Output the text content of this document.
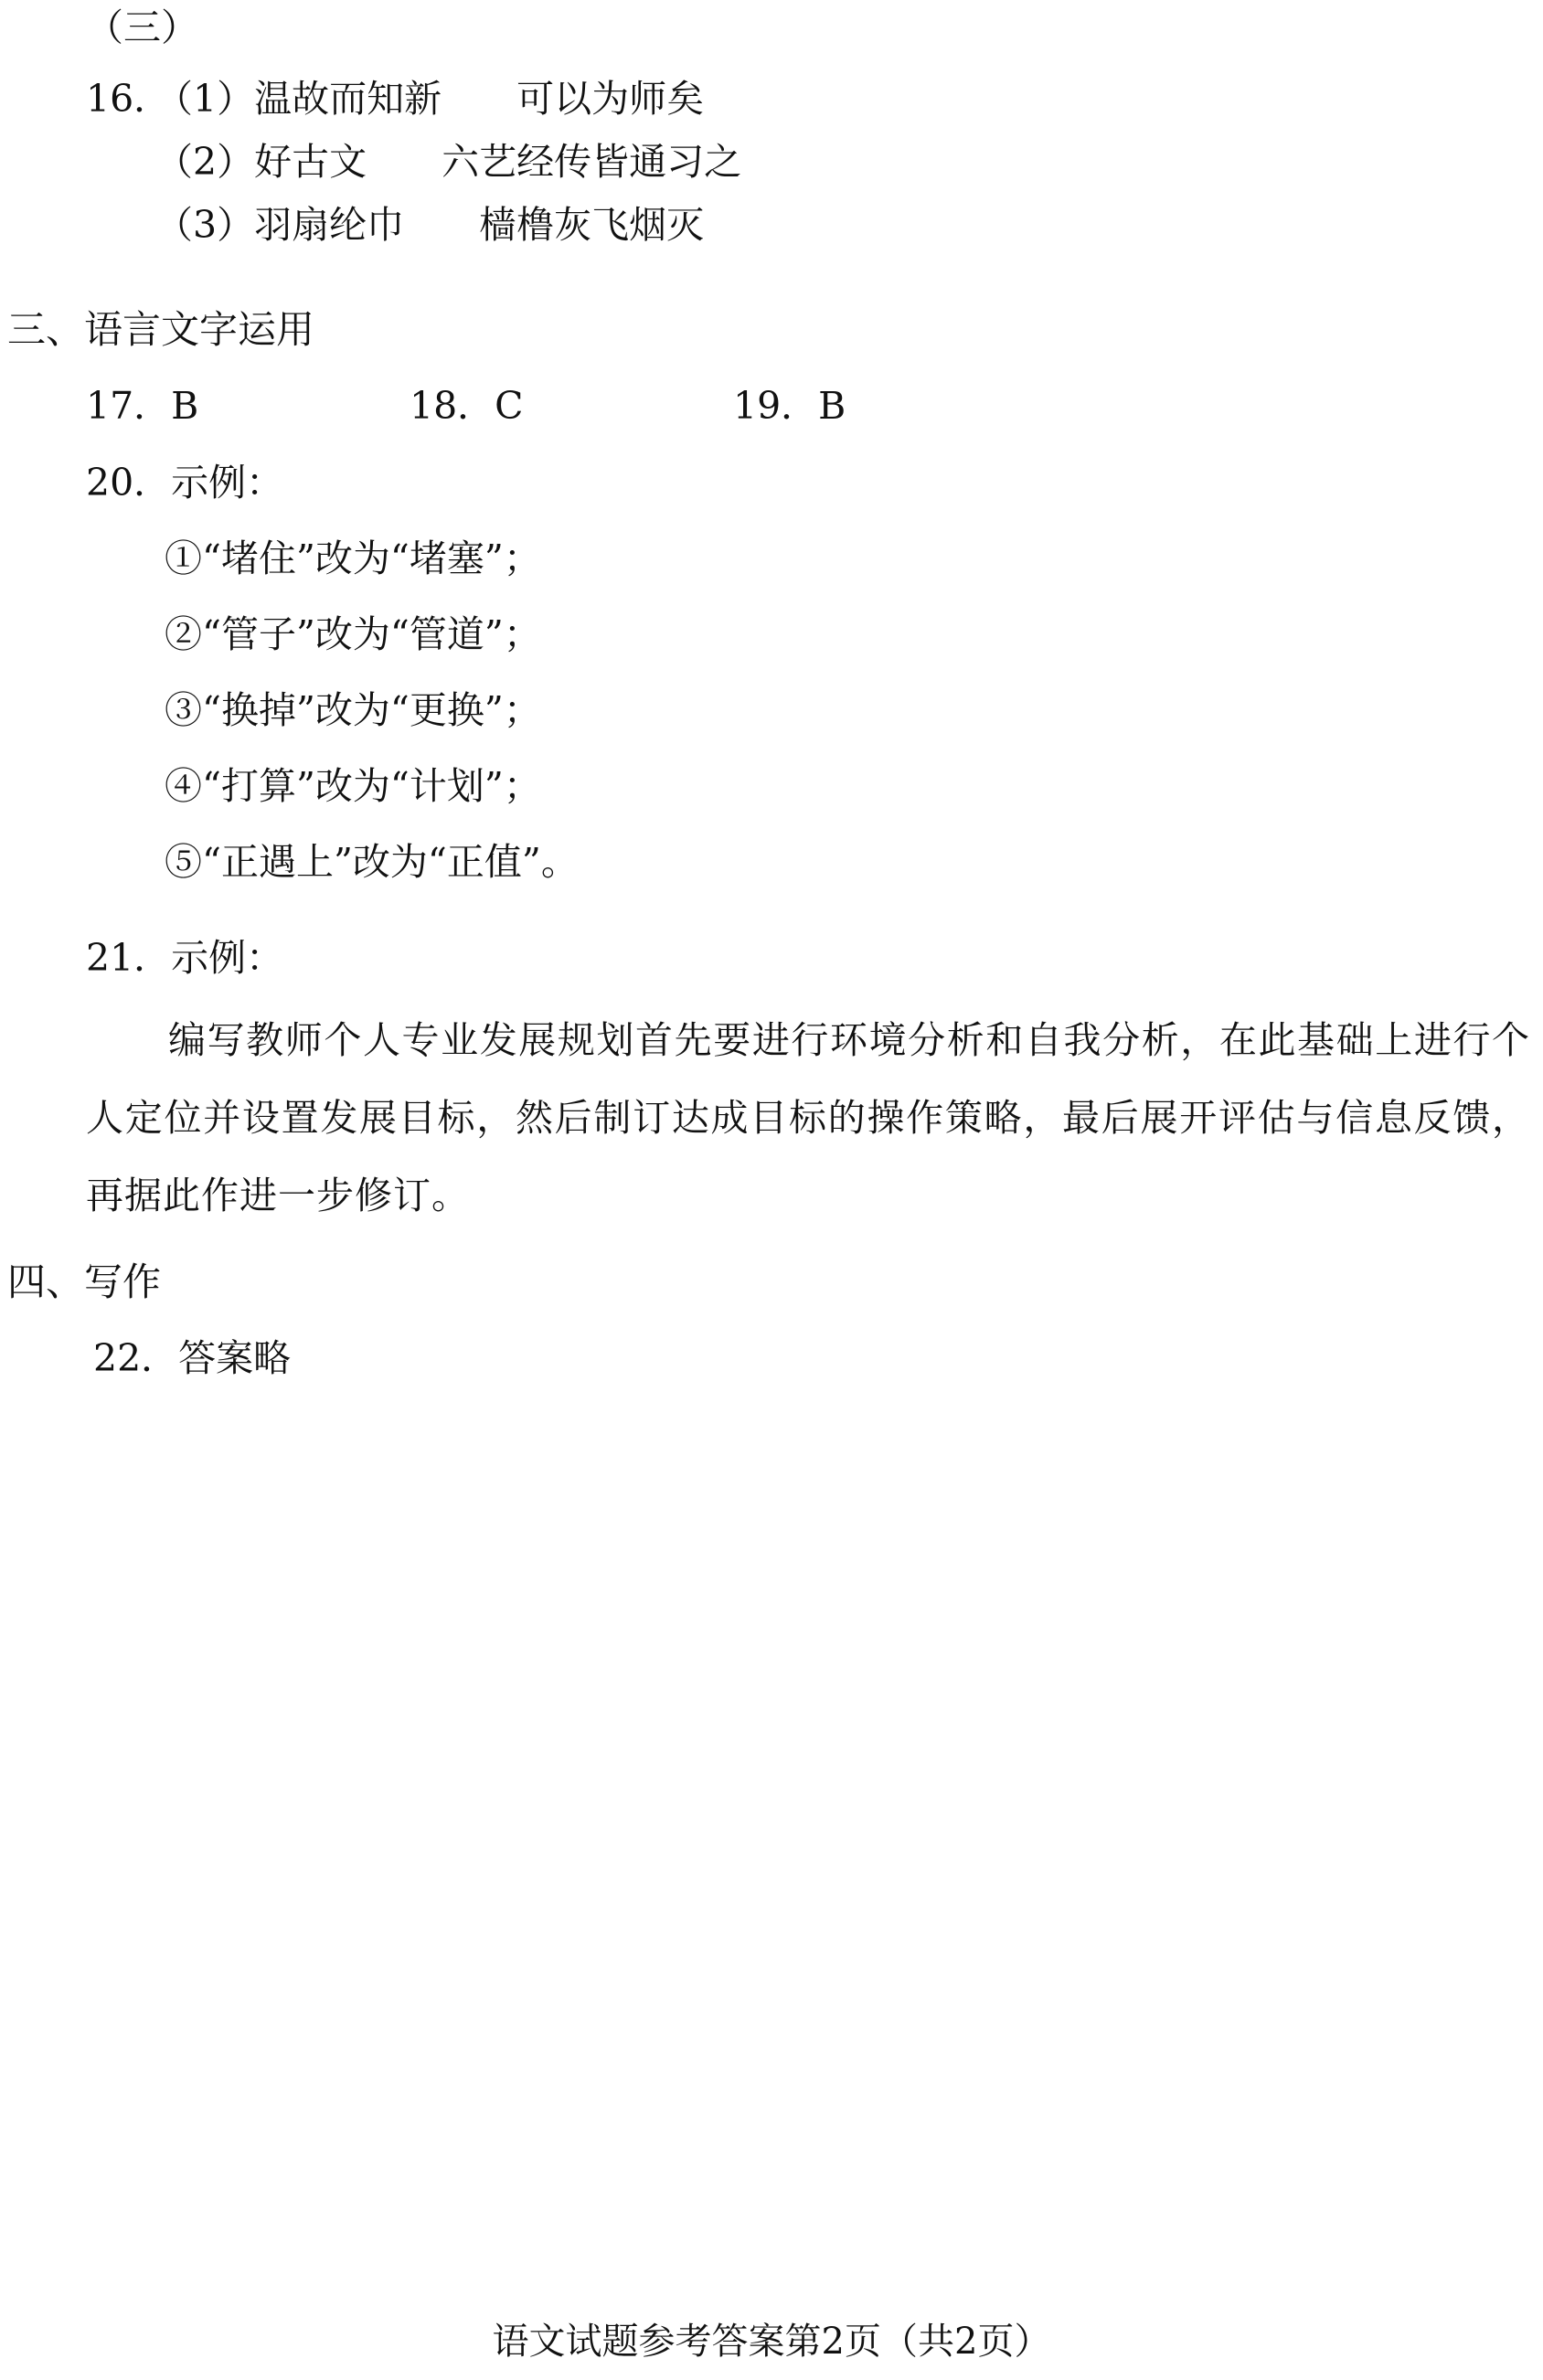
（三）
16．
（1）温故而知新　　可以为师矣
（2）好古文　　六艺经传皆通习之
（3）羽扇纶巾　　樯橹灰飞烟灭
三、语言文字运用
17．B	18．C	19．B
20．示例：
①“堵住”改为“堵塞”；
②“管子”改为“管道”；
③“换掉”改为“更换”；
④“打算”改为“计划”；
⑤“正遇上”改为“正值”。
21．示例：
编写教师个人专业发展规划首先要进行环境分析和自我分析，在此基础上进行个人定位并设置发展目标，然后制订达成目标的操作策略，最后展开评估与信息反馈，再据此作进一步修订。
四、写作
22．答案略
语文试题参考答案第2页（共2页）
